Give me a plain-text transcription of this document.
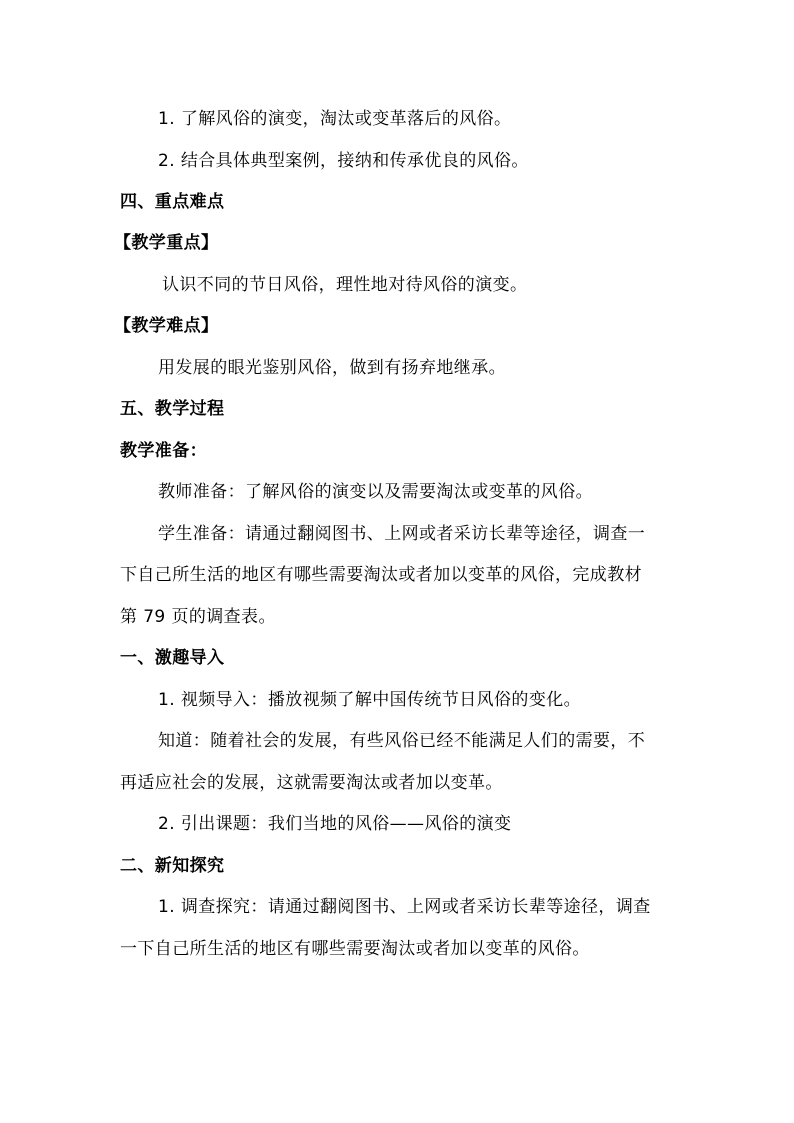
1. 了解风俗的演变，淘汰或变革落后的风俗。
2. 结合具体典型案例，接纳和传承优良的风俗。
四、重点难点
【教学重点】
认识不同的节日风俗，理性地对待风俗的演变。
【教学难点】
用发展的眼光鉴别风俗，做到有扬弃地继承。
五、教学过程
教学准备：
教师准备：了解风俗的演变以及需要淘汰或变革的风俗。
学生准备：请通过翻阅图书、上网或者采访长辈等途径，调查一
下自己所生活的地区有哪些需要淘汰或者加以变革的风俗，完成教材
第 79 页的调查表。
一、激趣导入
1. 视频导入：播放视频了解中国传统节日风俗的变化。
知道：随着社会的发展，有些风俗已经不能满足人们的需要，不
再适应社会的发展，这就需要淘汰或者加以变革。
2. 引出课题：我们当地的风俗——风俗的演变
二、新知探究
1. 调查探究：请通过翻阅图书、上网或者采访长辈等途径，调查
一下自己所生活的地区有哪些需要淘汰或者加以变革的风俗。
